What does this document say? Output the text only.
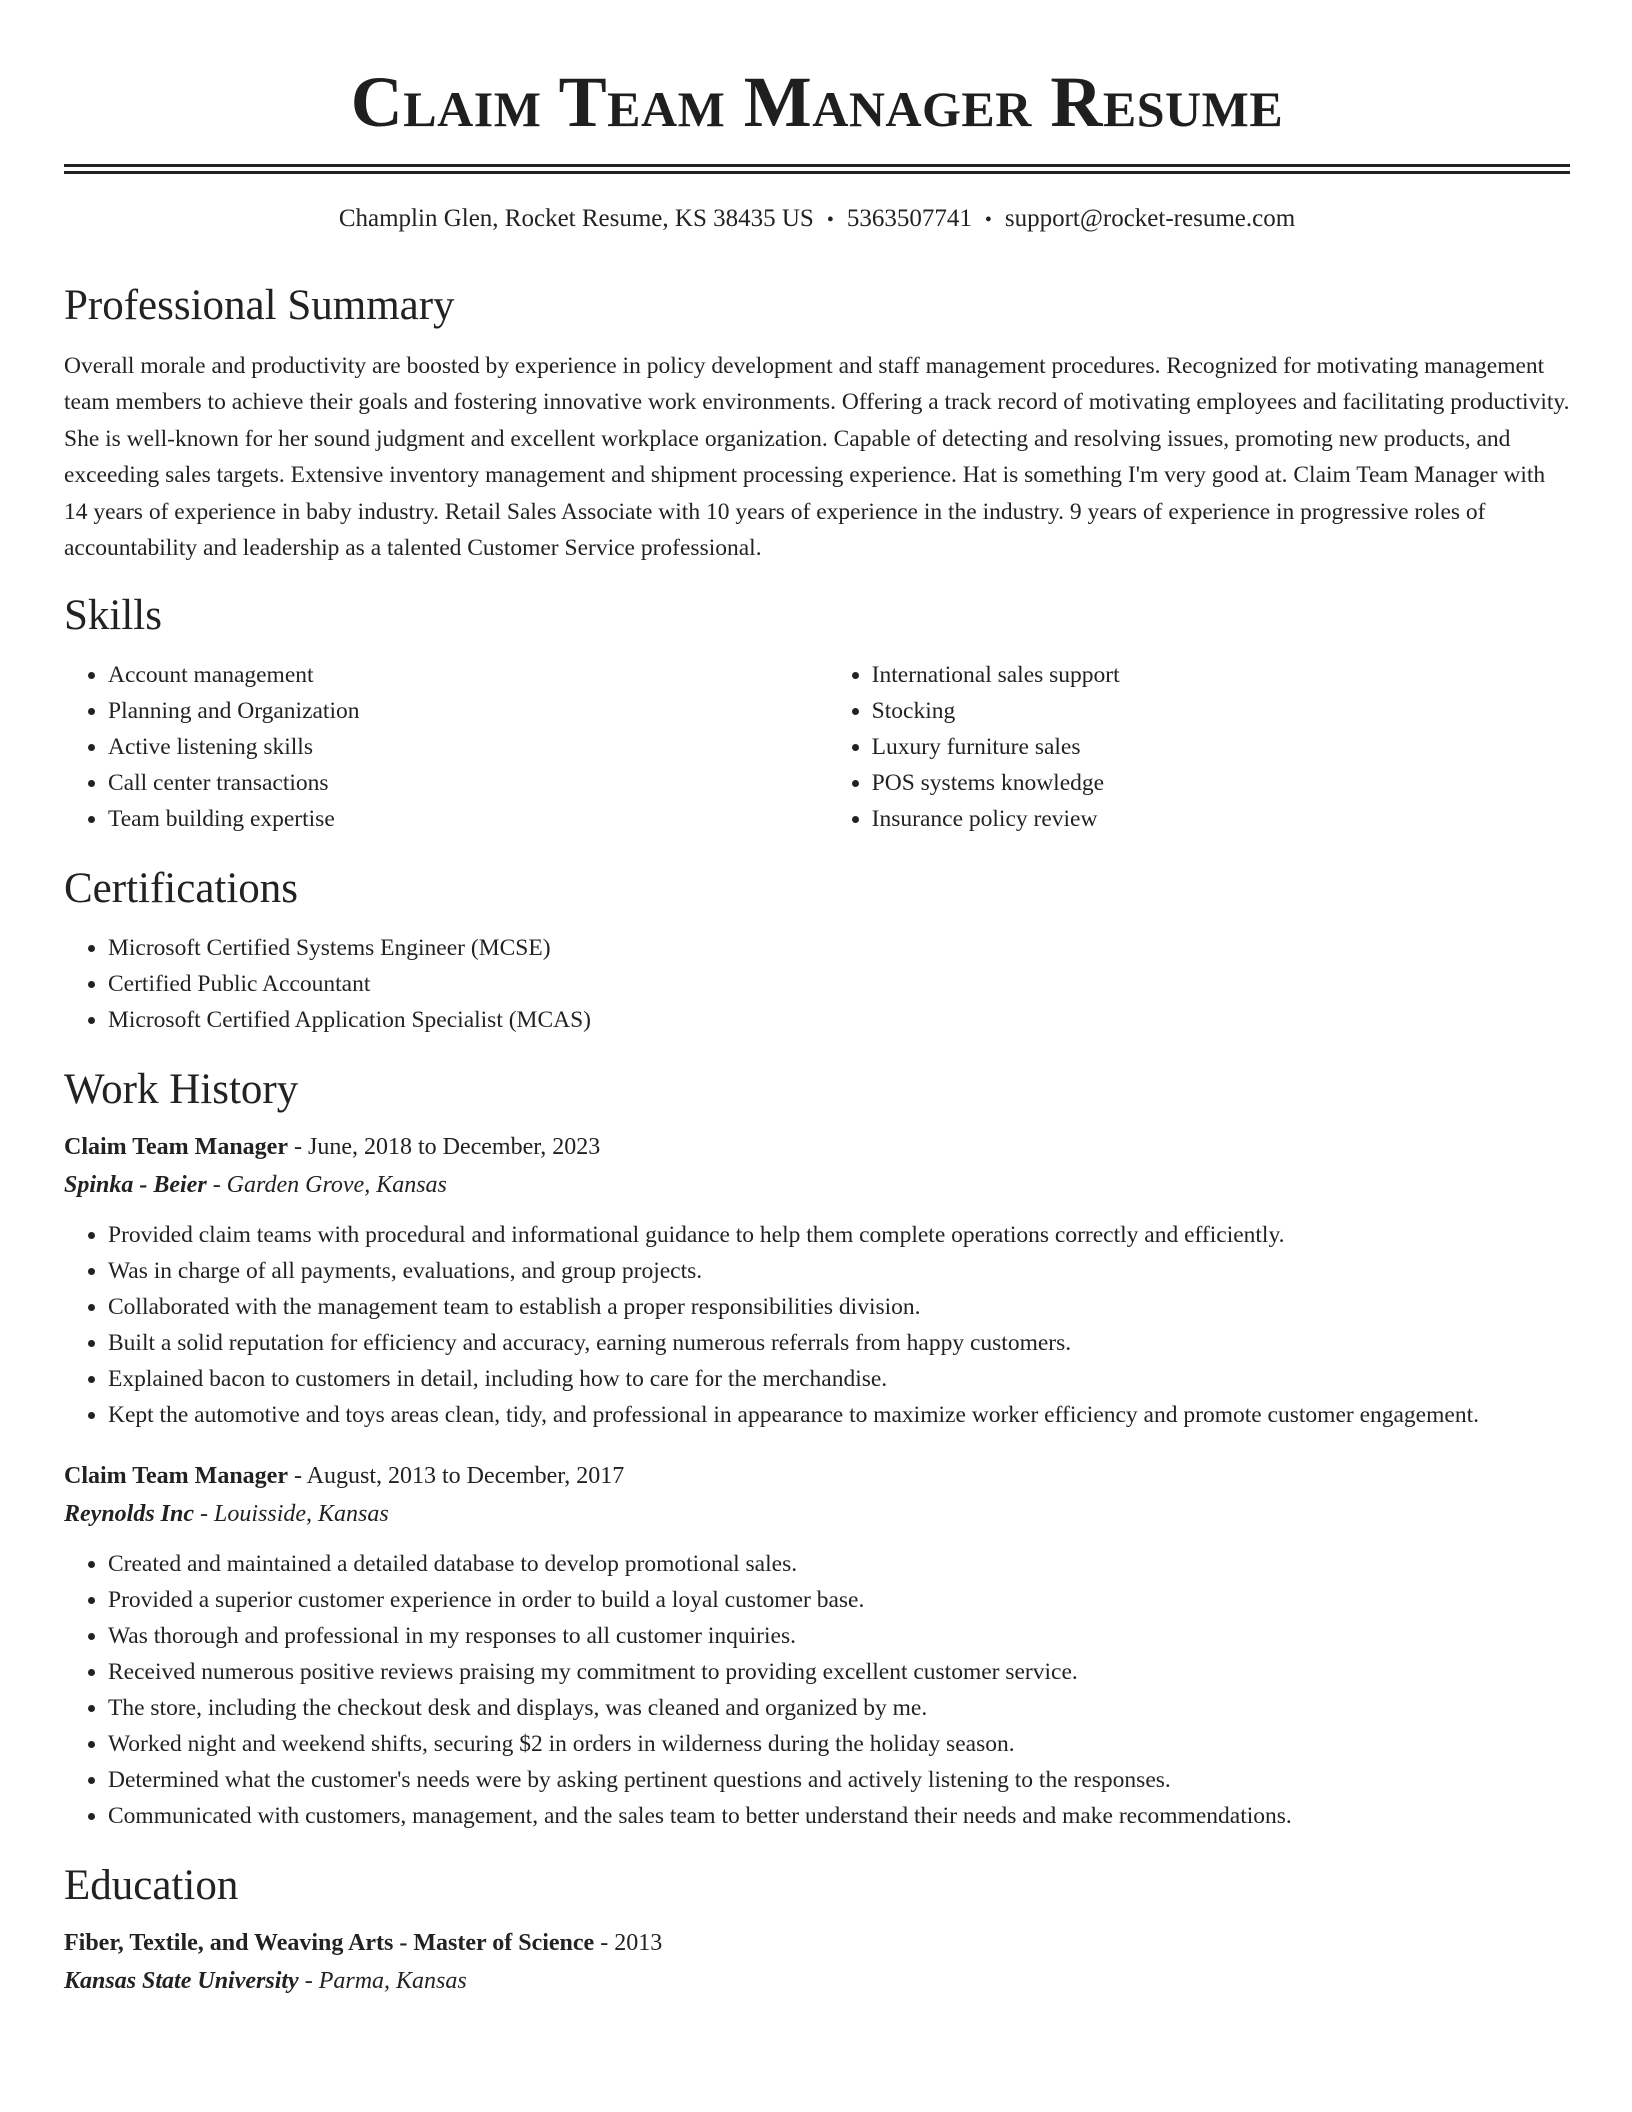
Claim Team Manager Resume
Champlin Glen, Rocket Resume, KS 38435 US • 5363507741 • support@rocket-resume.com
Professional Summary

Overall morale and productivity are boosted by experience in policy development and staff management procedures. Recognized for motivating management team members to achieve their goals and fostering innovative work environments. Offering a track record of motivating employees and facilitating productivity. She is well-known for her sound judgment and excellent workplace organization. Capable of detecting and resolving issues, promoting new products, and exceeding sales targets. Extensive inventory management and shipment processing experience. Hat is something I'm very good at. Claim Team Manager with 14 years of experience in baby industry. Retail Sales Associate with 10 years of experience in the industry. 9 years of experience in progressive roles of accountability and leadership as a talented Customer Service professional.

Skills
• Account management
• Planning and Organization
• Active listening skills
• Call center transactions
• Team building expertise
• International sales support
• Stocking
• Luxury furniture sales
• POS systems knowledge
• Insurance policy review
Certifications
• Microsoft Certified Systems Engineer (MCSE)
• Certified Public Accountant
• Microsoft Certified Application Specialist (MCAS)
Work History
Claim Team Manager - June, 2018 to December, 2023
Spinka - Beier - Garden Grove, Kansas
• Provided claim teams with procedural and informational guidance to help them complete operations correctly and efficiently.
• Was in charge of all payments, evaluations, and group projects.
• Collaborated with the management team to establish a proper responsibilities division.
• Built a solid reputation for efficiency and accuracy, earning numerous referrals from happy customers.
• Explained bacon to customers in detail, including how to care for the merchandise.
• Kept the automotive and toys areas clean, tidy, and professional in appearance to maximize worker efficiency and promote customer engagement.
Claim Team Manager - August, 2013 to December, 2017
Reynolds Inc - Louisside, Kansas
• Created and maintained a detailed database to develop promotional sales.
• Provided a superior customer experience in order to build a loyal customer base.
• Was thorough and professional in my responses to all customer inquiries.
• Received numerous positive reviews praising my commitment to providing excellent customer service.
• The store, including the checkout desk and displays, was cleaned and organized by me.
• Worked night and weekend shifts, securing $2 in orders in wilderness during the holiday season.
• Determined what the customer's needs were by asking pertinent questions and actively listening to the responses.
• Communicated with customers, management, and the sales team to better understand their needs and make recommendations.
Education
Fiber, Textile, and Weaving Arts - Master of Science - 2013
Kansas State University - Parma, Kansas
